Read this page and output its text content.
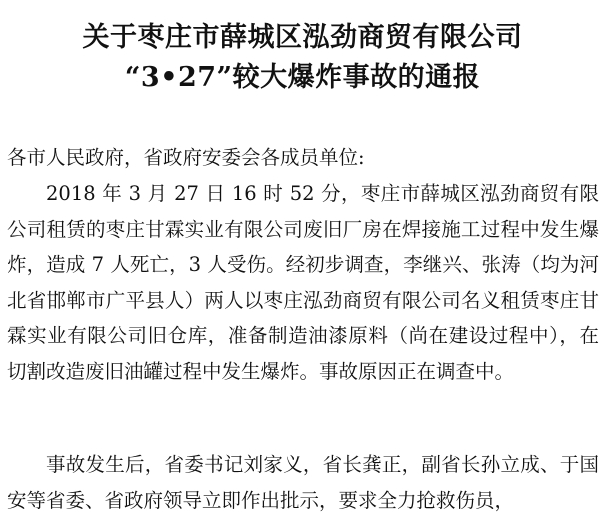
关于枣庄市薛城区泓劲商贸有限公司
“3•27”较大爆炸事故的通报
各市人民政府，省政府安委会各成员单位:
2018 年 3 月 27 日 16 时 52 分，枣庄市薛城区泓劲商贸有限公司租赁的枣庄甘霖实业有限公司废旧厂房在焊接施工过程中发生爆炸，造成 7 人死亡，3 人受伤。经初步调查，李继兴、张涛（均为河北省邯郸市广平县人）两人以枣庄泓劲商贸有限公司名义租赁枣庄甘霖实业有限公司旧仓库，准备制造油漆原料（尚在建设过程中），在切割改造废旧油罐过程中发生爆炸。事故原因正在调查中。
事故发生后，省委书记刘家义，省长龚正，副省长孙立成、于国安等省委、省政府领导立即作出批示，要求全力抢救伤员，
